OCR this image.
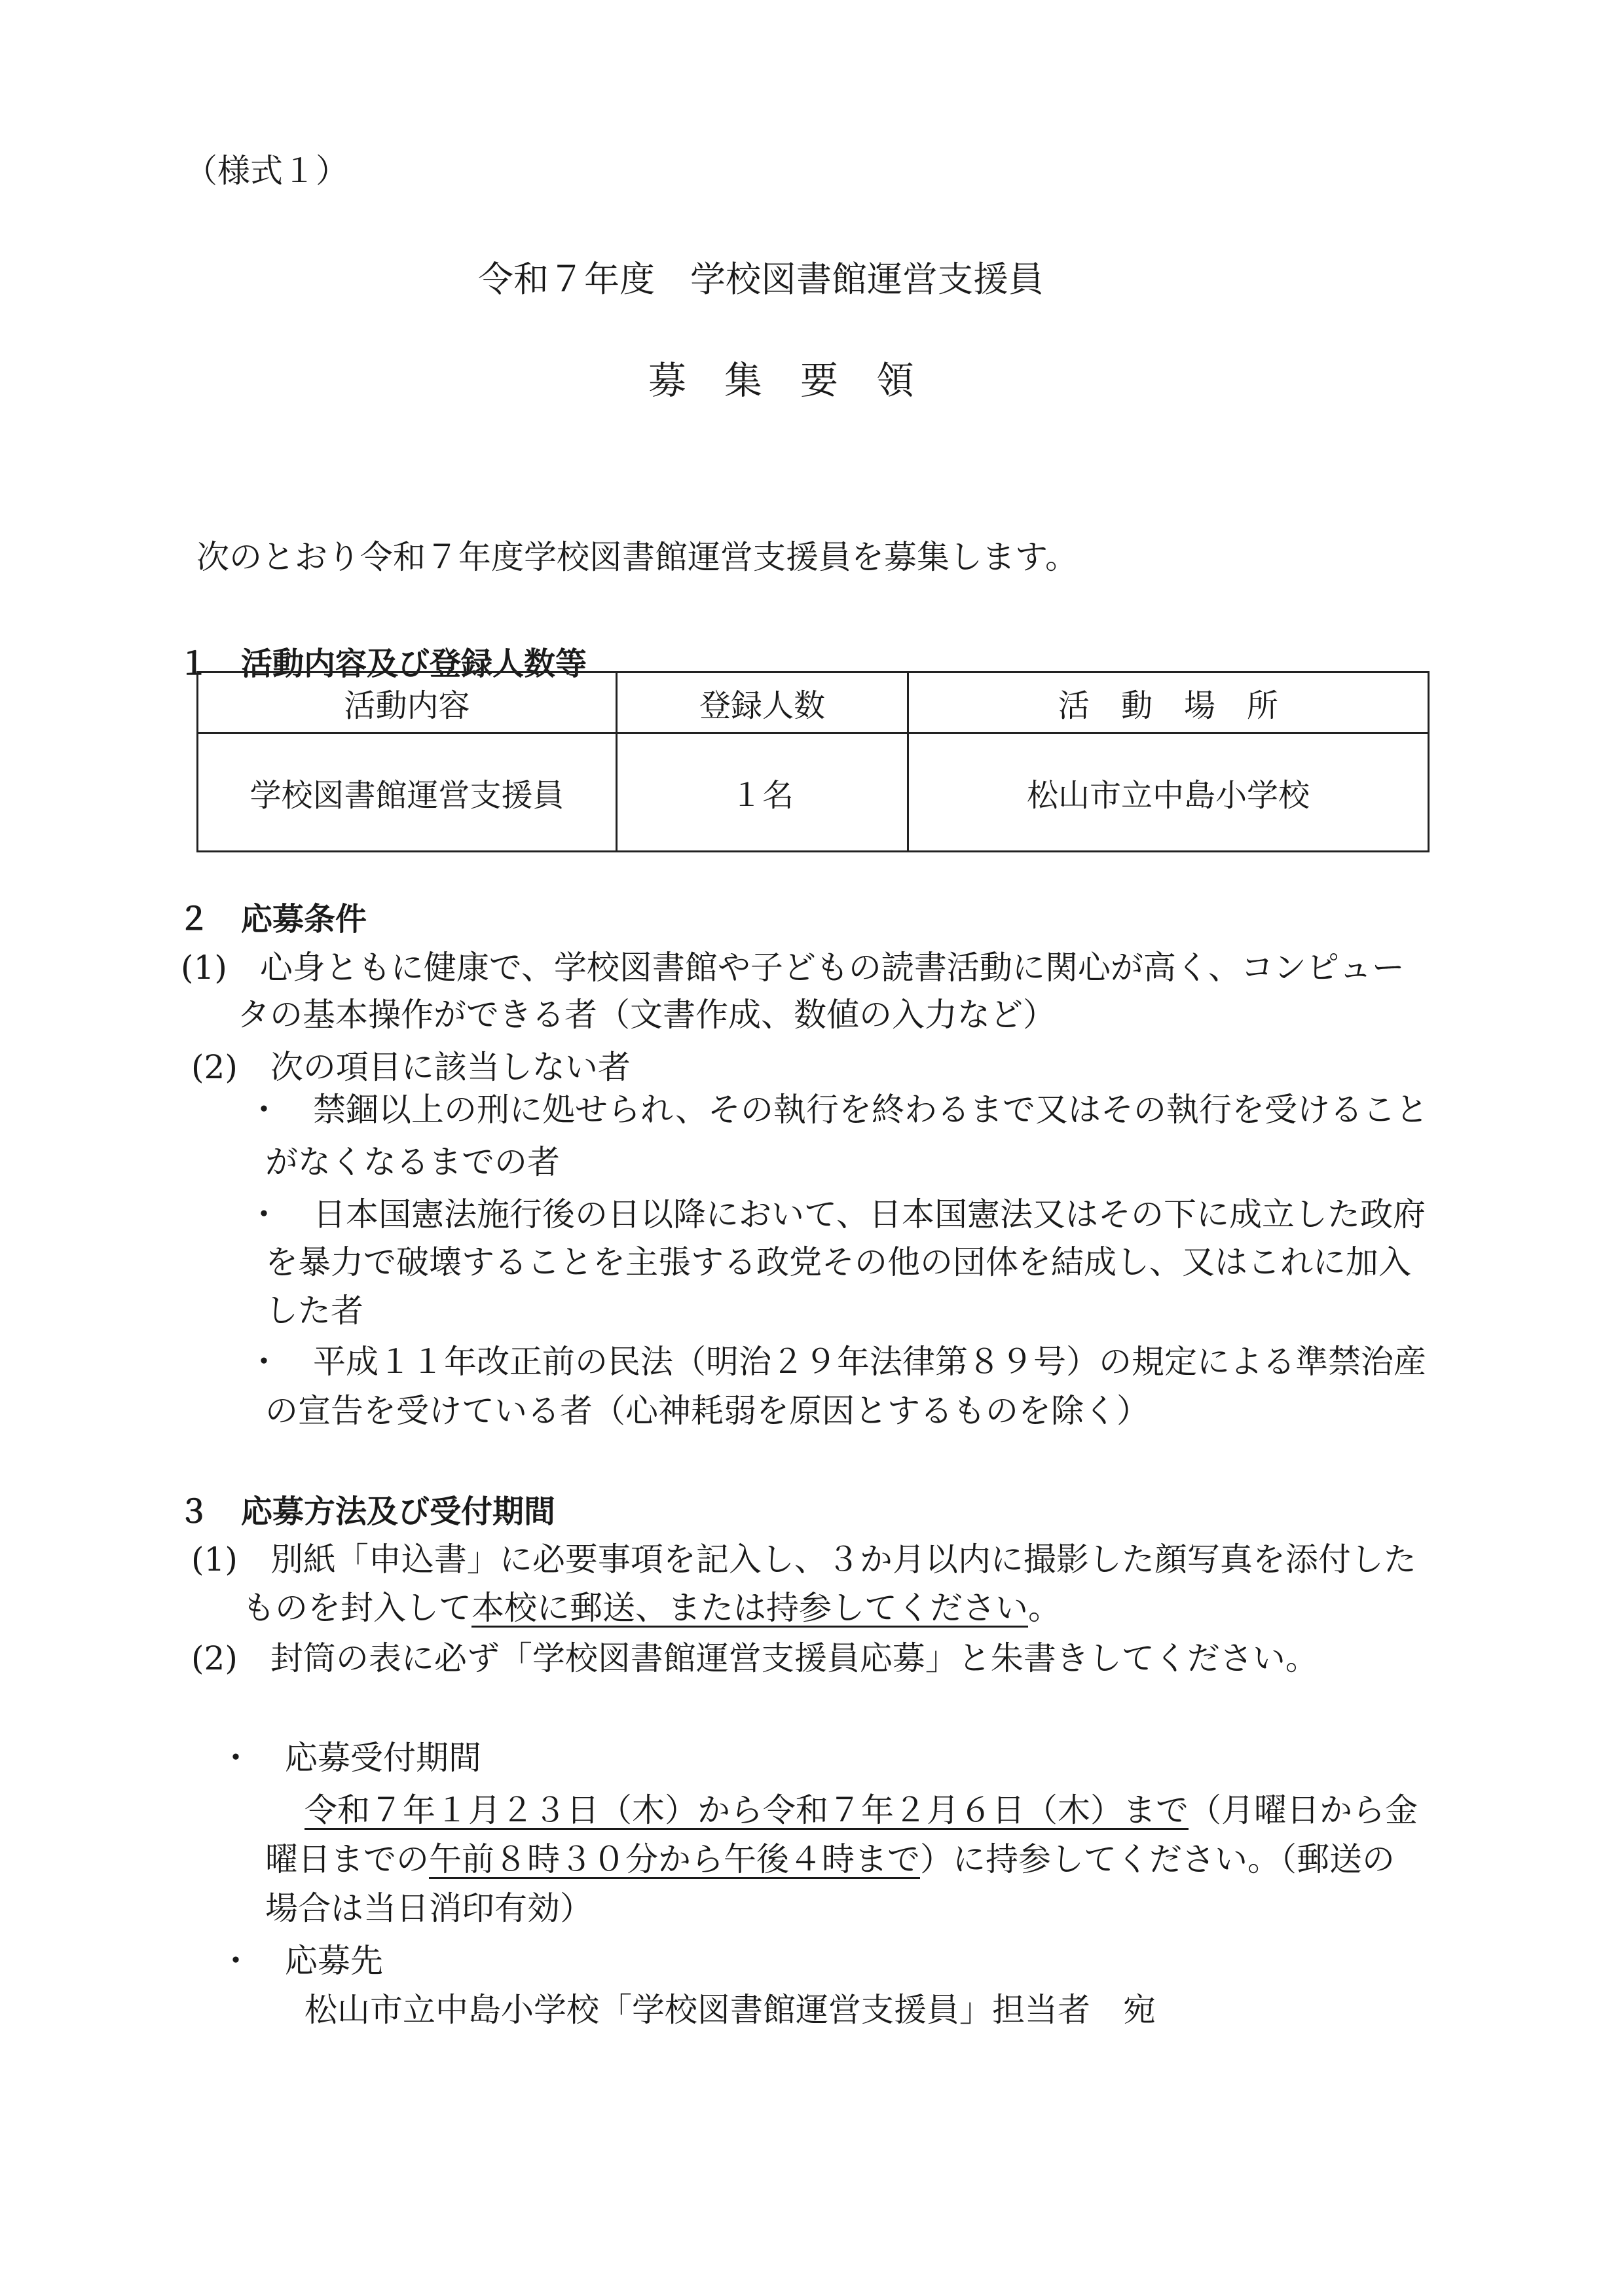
（様式１）
令和７年度　学校図書館運営支援員
募集要領
次のとおり令和７年度学校図書館運営支援員を募集します。
１　活動内容及び登録人数等
活動内容	登録人数	活　動　場　所
学校図書館運営支援員	１名	松山市立中島小学校
２　応募条件
(1)　心身ともに健康で、学校図書館や子どもの読書活動に関心が高く、コンピュー
タの基本操作ができる者（文書作成、数値の入力など）
(2)　次の項目に該当しない者
・　禁錮以上の刑に処せられ、その執行を終わるまで又はその執行を受けること
がなくなるまでの者
・　日本国憲法施行後の日以降において、日本国憲法又はその下に成立した政府
を暴力で破壊することを主張する政党その他の団体を結成し、又はこれに加入
した者
・　平成１１年改正前の民法（明治２９年法律第８９号）の規定による準禁治産
の宣告を受けている者（心神耗弱を原因とするものを除く）
３　応募方法及び受付期間
(1)　別紙「申込書」に必要事項を記入し、３か月以内に撮影した顔写真を添付した
ものを封入して本校に郵送、または持参してください。
(2)　封筒の表に必ず「学校図書館運営支援員応募」と朱書きしてください。
・　応募受付期間
令和７年１月２３日（木）から令和７年２月６日（木）まで（月曜日から金
曜日までの午前８時３０分から午後４時まで）に持参してください。（郵送の
場合は当日消印有効）
・　応募先
松山市立中島小学校「学校図書館運営支援員」担当者　宛
